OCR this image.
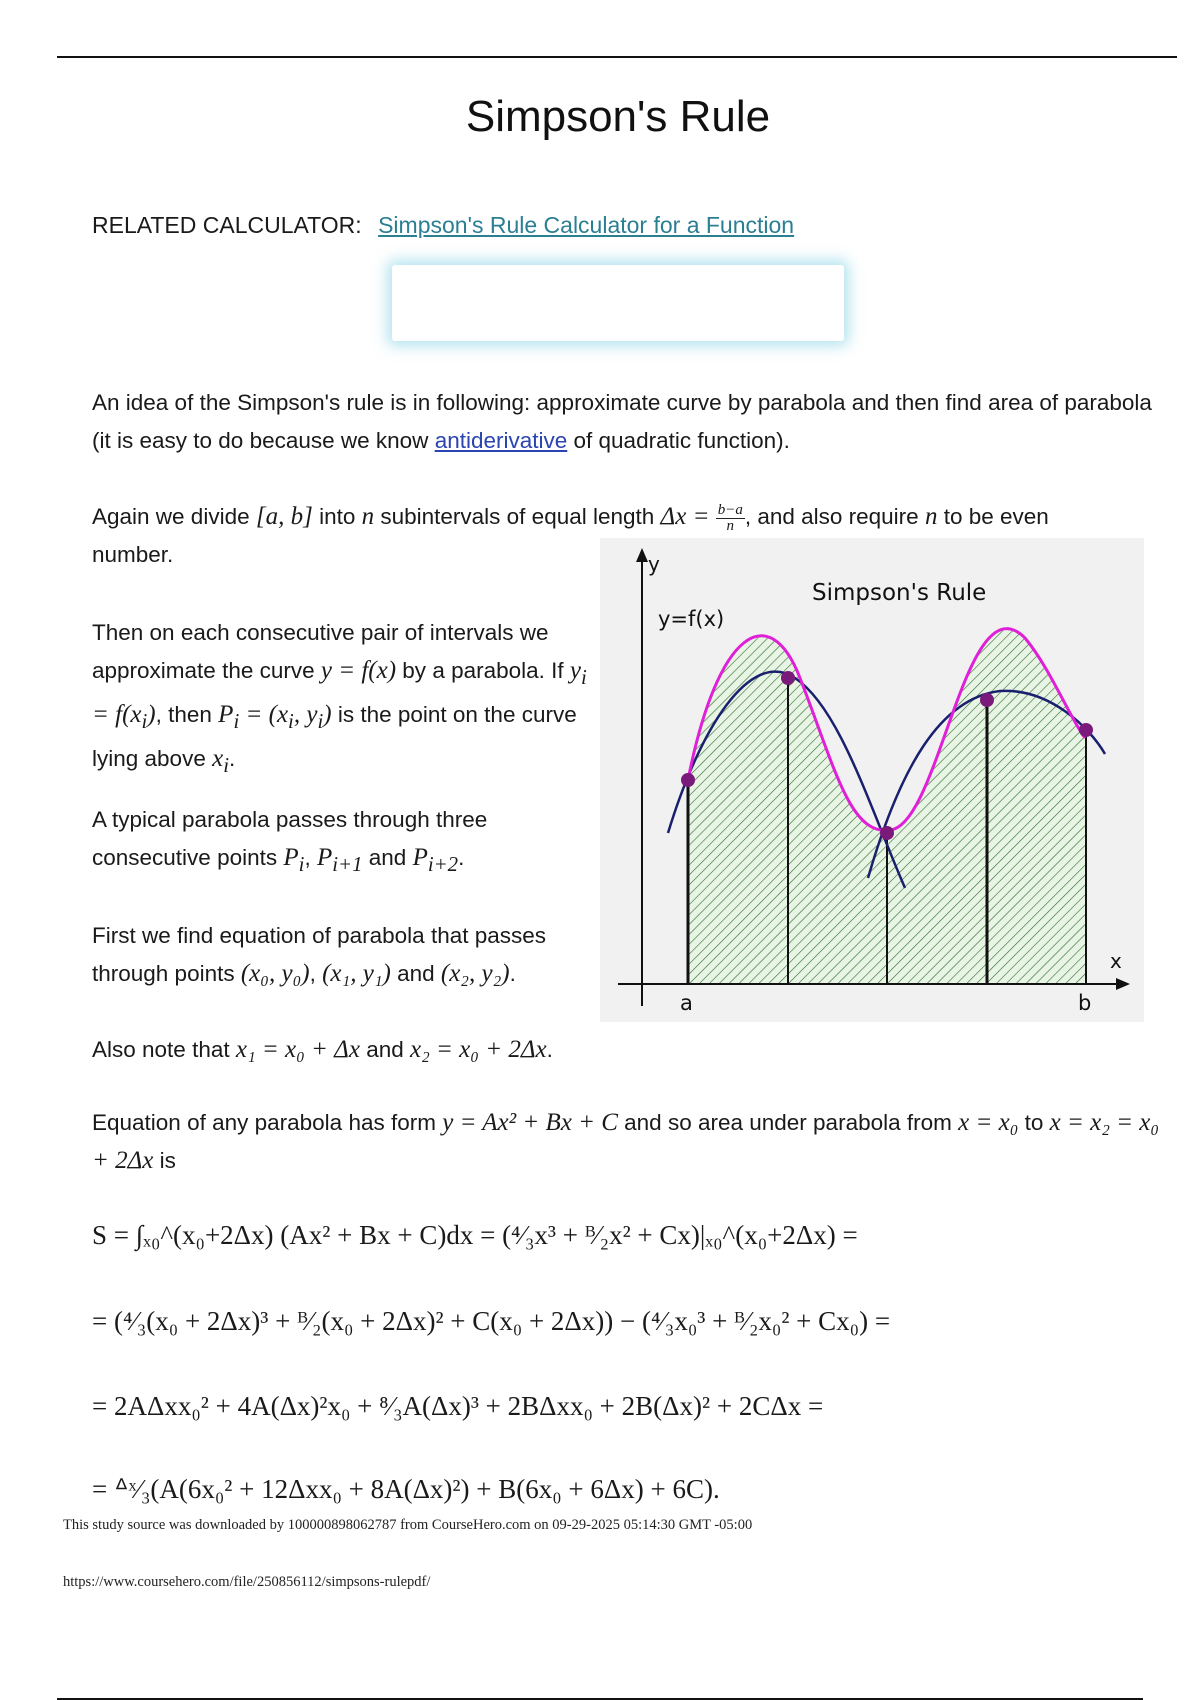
Simpson's Rule
RELATED CALCULATOR: Simpson's Rule Calculator for a Function

An idea of the Simpson's rule is in following: approximate curve by parabola and then find area of parabola (it is easy to do because we know antiderivative of quadratic function).

Again we divide [a, b] into n subintervals of equal length $\Delta x = \frac{b-a}{n}$ , and also require n to be even number.

Then on each consecutive pair of intervals we approximate the curve y = f(x) by a parabola. If $y_i = f(x_i)$, then $P_i = (x_i$, $y_i$) is the point on the curve lying above $x_i$.

A typical parabola passes through three consecutive points $P_i$, $P_{i+1}$ and $P_{i+2}$.

First we find equation of parabola that passes through points (x₀, y₀), (x₁, y₁) and (x₂, y₂).

Also note that x₁ = x₀ + Δx and x₂ = x₀ + 2Δx.

Equation of any parabola has form y = Ax² + Bx + C and so area under parabola from x = x₀ to x = x₂ = x₀ + 2Δx is

S = ∫ₓ₀^(x₀+2Δx) (Ax² + Bx + C)dx = (⁴⁄₃x³ + ᴮ⁄₂x² + Cx)|ₓ₀^(x₀+2Δx) =
= (⁴⁄₃(x₀ + 2Δx)³ + ᴮ⁄₂(x₀ + 2Δx)² + C(x₀ + 2Δx)) − (⁴⁄₃x₀³ + ᴮ⁄₂x₀² + Cx₀) =
= 2AΔxx₀² + 4A(Δx)²x₀ + ⁸⁄₃A(Δx)³ + 2BΔxx₀ + 2B(Δx)² + 2CΔx =
= ᐞˣ⁄₃(A(6x₀² + 12Δxx₀ + 8A(Δx)²) + B(6x₀ + 6Δx) + 6C).
Simpson's Rule
y
x
y=f(x)
a	b
This study source was downloaded by 100000898062787 from CourseHero.com on 09-29-2025 05:14:30 GMT -05:00
https://www.coursehero.com/file/250856112/simpsons-rulepdf/
